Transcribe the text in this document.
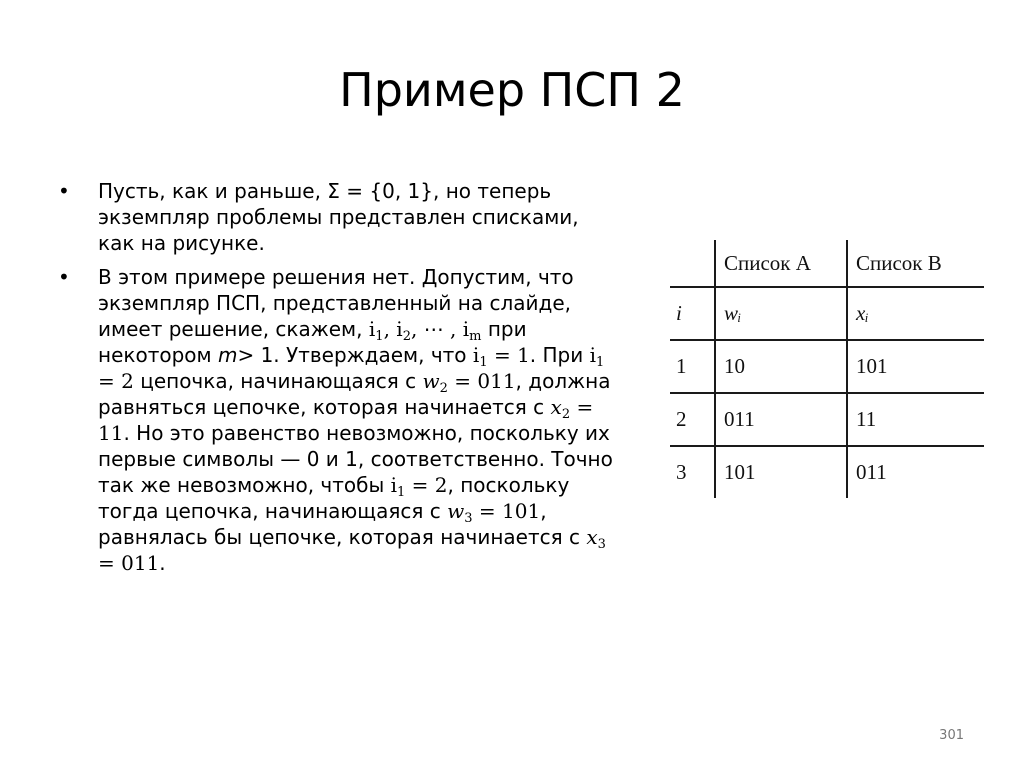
Пример ПСП 2
• Пусть, как и раньше, Σ = {0, 1}, но теперь экземпляр проблемы представлен списками, как на рисунке.
• В этом примере решения нет. Допустим, что экземпляр ПСП, представленный на слайде, имеет решение, скажем, $i_1$, $i_2$, ⋯ , $i_m$ при некотором m> 1. Утверждаем, что $i_1 = 1$. При $i_1 = 2$ цепочка, начинающаяся с $w_2 = 011$, должна равняться цепочке, которая начинается с $x_2 = 11$. Но это равенство невозможно, поскольку их первые символы — 0 и 1, соответственно. Точно так же невозможно, чтобы $i_1 = 2$, поскольку тогда цепочка, начинающаяся с $w_3 = 101$, равнялась бы цепочке, которая начинается с $x_3 = 011$.
	Список A	Список B
i	wᵢ	xᵢ
1	10	101
2	011	11
3	101	011
301
